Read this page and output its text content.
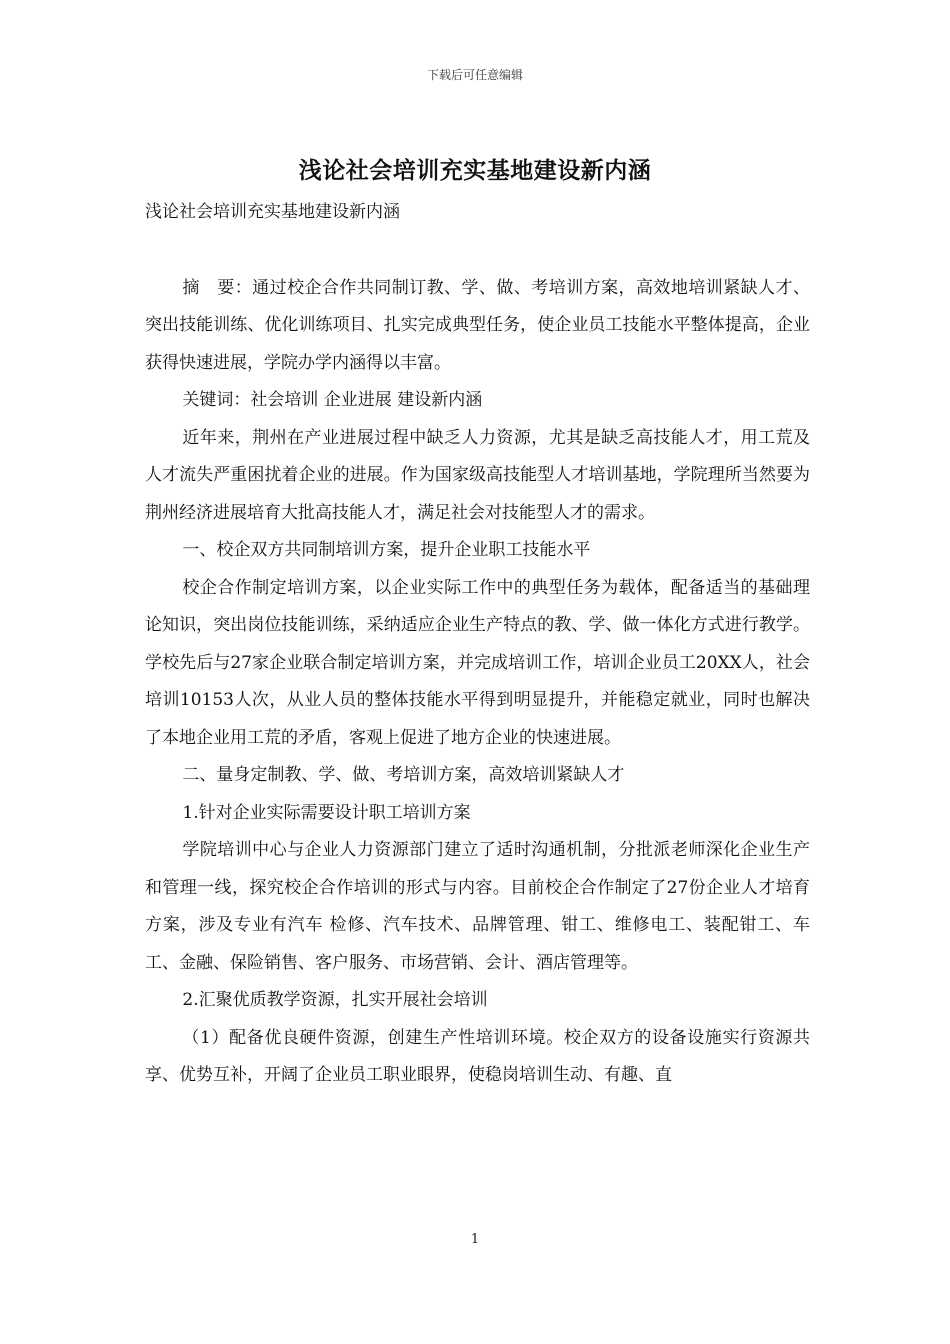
下载后可任意编辑
浅论社会培训充实基地建设新内涵

浅论社会培训充实基地建设新内涵

摘　要：通过校企合作共同制订教、学、做、考培训方案，高效地培训紧缺人才、突出技能训练、优化训练项目、扎实完成典型任务，使企业员工技能水平整体提高，企业获得快速进展，学院办学内涵得以丰富。

关键词：社会培训 企业进展 建设新内涵

近年来，荆州在产业进展过程中缺乏人力资源，尤其是缺乏高技能人才，用工荒及人才流失严重困扰着企业的进展。作为国家级高技能型人才培训基地，学院理所当然要为荆州经济进展培育大批高技能人才，满足社会对技能型人才的需求。

一、校企双方共同制培训方案，提升企业职工技能水平

校企合作制定培训方案，以企业实际工作中的典型任务为载体，配备适当的基础理论知识，突出岗位技能训练，采纳适应企业生产特点的教、学、做一体化方式进行教学。学校先后与27家企业联合制定培训方案，并完成培训工作，培训企业员工20XX人，社会培训10153人次，从业人员的整体技能水平得到明显提升，并能稳定就业，同时也解决了本地企业用工荒的矛盾，客观上促进了地方企业的快速进展。

二、量身定制教、学、做、考培训方案，高效培训紧缺人才

1.针对企业实际需要设计职工培训方案

学院培训中心与企业人力资源部门建立了适时沟通机制，分批派老师深化企业生产和管理一线，探究校企合作培训的形式与内容。目前校企合作制定了27份企业人才培育方案，涉及专业有汽车 检修、汽车技术、品牌管理、钳工、维修电工、装配钳工、车工、金融、保险销售、客户服务、市场营销、会计、酒店管理等。

2.汇聚优质教学资源，扎实开展社会培训

（1）配备优良硬件资源，创建生产性培训环境。校企双方的设备设施实行资源共享、优势互补，开阔了企业员工职业眼界，使稳岗培训生动、有趣、直

1
